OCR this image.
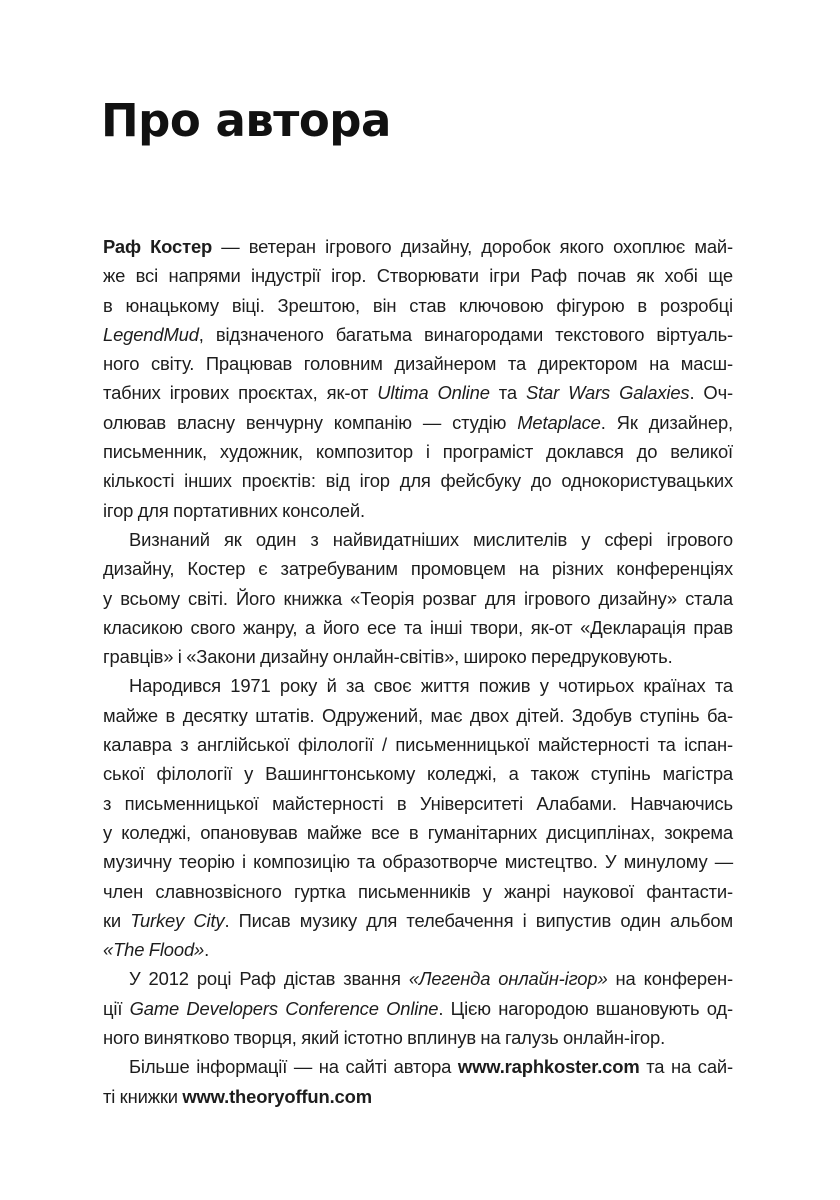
Про автора
Раф Костер — ветеран ігрового дизайну, доробок якого охоплює май-
же всі напрями індустрії ігор. Створювати ігри Раф почав як хобі ще
в юнацькому віці. Зрештою, він став ключовою фігурою в розробці
LegendMud, відзначеного багатьма винагородами текстового віртуаль-
ного світу. Працював головним дизайнером та директором на масш-
табних ігрових проєктах, як-от Ultima Online та Star Wars Galaxies. Оч-
олював власну венчурну компанію — студію Metaplace. Як дизайнер,
письменник, художник, композитор і програміст доклався до великої
кількості інших проєктів: від ігор для фейсбуку до однокористувацьких
ігор для портативних консолей.
Визнаний як один з найвидатніших мислителів у сфері ігрового
дизайну, Костер є затребуваним промовцем на різних конференціях
у всьому світі. Його книжка «Теорія розваг для ігрового дизайну» стала
класикою свого жанру, а його есе та інші твори, як-от «Декларація прав
гравців» і «Закони дизайну онлайн-світів», широко передруковують.
Народився 1971 року й за своє життя пожив у чотирьох країнах та
майже в десятку штатів. Одружений, має двох дітей. Здобув ступінь ба-
калавра з англійської філології / письменницької майстерності та іспан-
ської філології у Вашингтонському коледжі, а також ступінь магістра
з письменницької майстерності в Університеті Алабами. Навчаючись
у коледжі, опановував майже все в гуманітарних дисциплінах, зокрема
музичну теорію і композицію та образотворче мистецтво. У минулому —
член славнозвісного гуртка письменників у жанрі наукової фантасти-
ки Turkey City. Писав музику для телебачення і випустив один альбом
«The Flood».
У 2012 році Раф дістав звання «Легенда онлайн-ігор» на конферен-
ції Game Developers Conference Online. Цією нагородою вшановують од-
ного винятково творця, який істотно вплинув на галузь онлайн-ігор.
Більше інформації — на сайті автора www.raphkoster.com та на сай-
ті книжки www.theoryoffun.com
